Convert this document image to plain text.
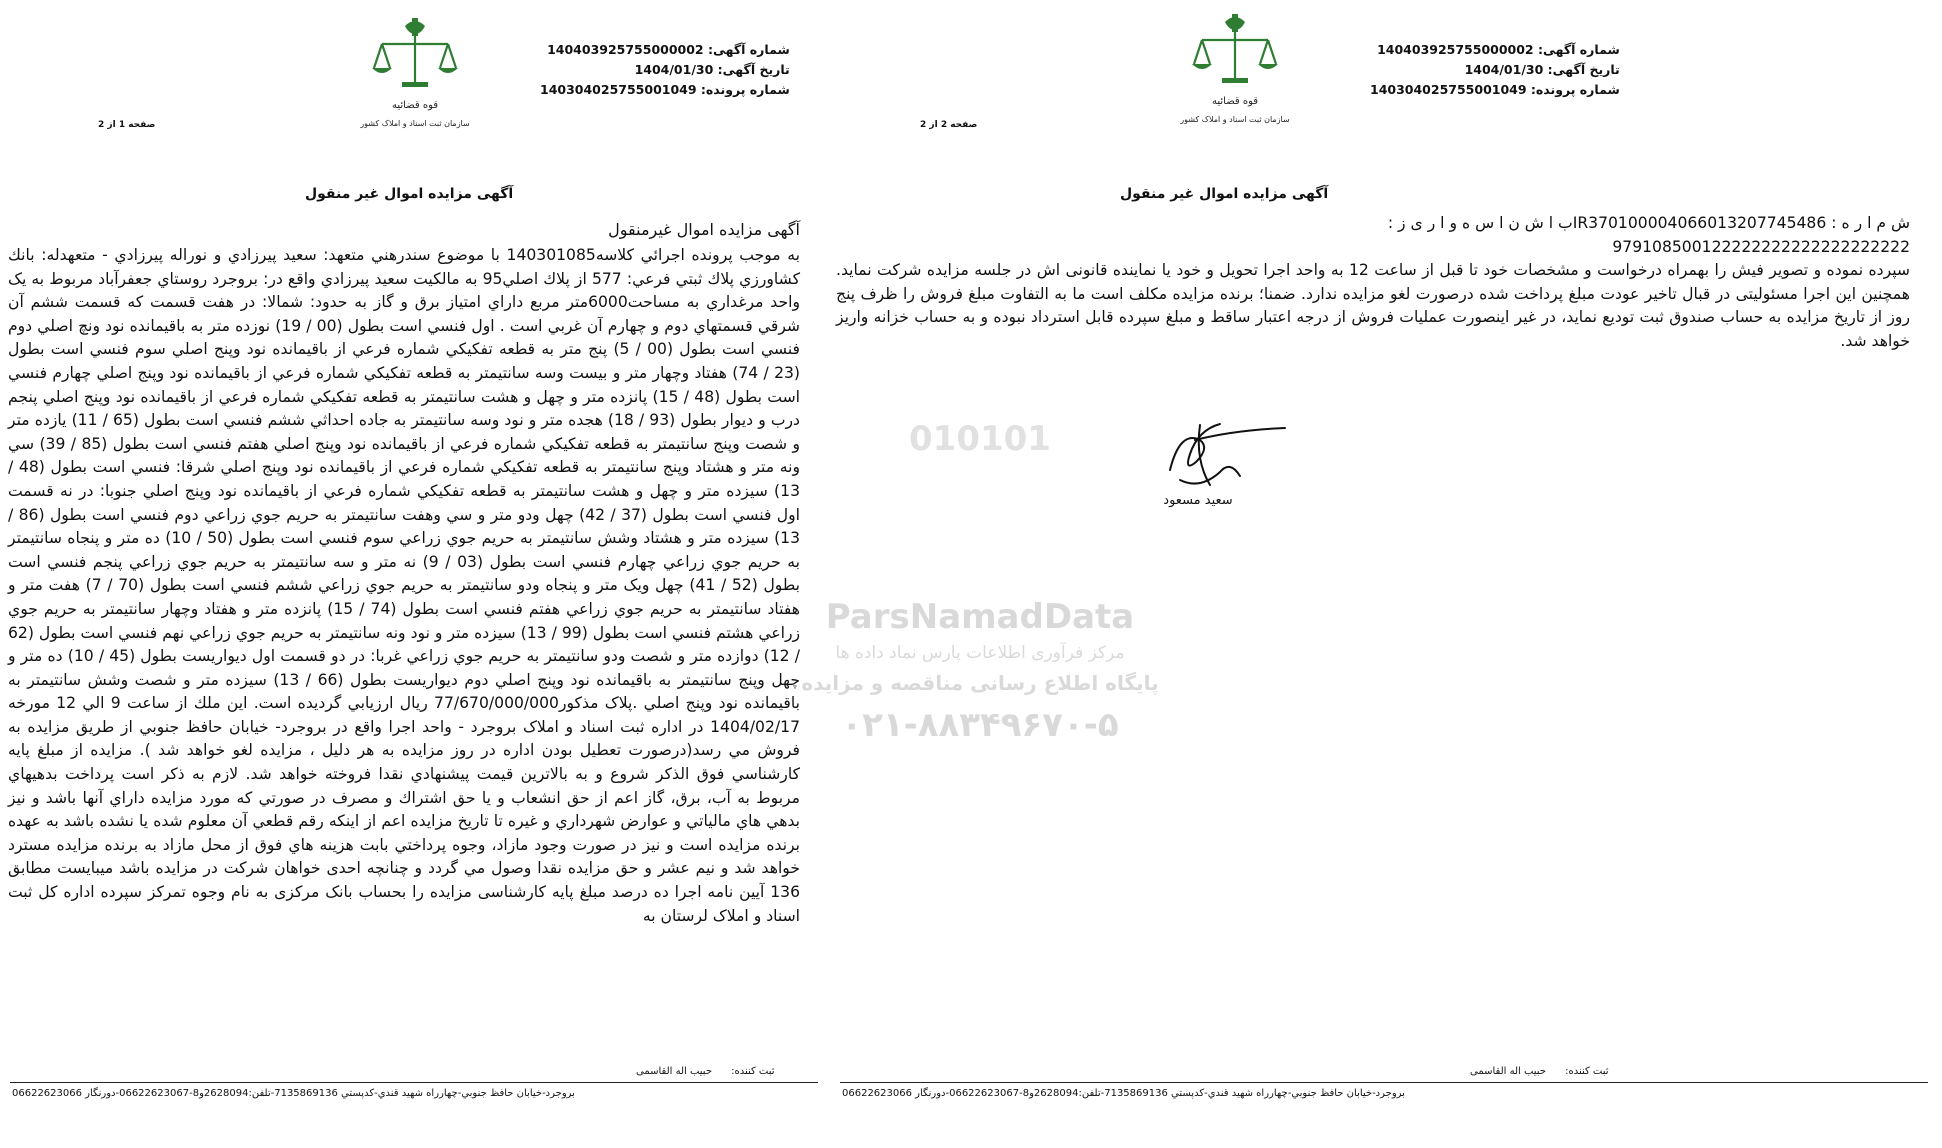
شماره آگهی: 140403925755000002
تاریخ آگهی: 1404/01/30
شماره پرونده: 140304025755001049
قوه قضائیه
سازمان ثبت اسناد و املاک کشور
صفحه 1 از 2
آگهی مزایده اموال غیر منقول
آگهی مزایده اموال غیرمنقول
به موجب پرونده اجرائي كلاسه140301085 با موضوع سندرهني متعهد: سعيد پيرزادي و نوراله پيرزادي - متعهدله: بانك كشاورزي پلاك ثبتي فرعي: 577 از پلاك اصلي95 به مالكيت سعيد پيرزادي واقع در: بروجرد روستاي جعفرآباد مربوط به يک واحد مرغداري به مساحت6000متر مربع داراي امتياز برق و گاز به حدود: شمالا: در هفت قسمت كه قسمت ششم آن شرقي قسمتهاي دوم و چهارم آن غربي است . اول فنسي است بطول (00 / 19) نوزده متر به باقيمانده نود ونچ اصلي دوم فنسي است بطول (00 / 5) پنج متر به قطعه تفكيكي شماره فرعي از باقيمانده نود وپنج اصلي سوم فنسي است بطول (23 / 74) هفتاد وچهار متر و بيست وسه سانتيمتر به قطعه تفكيكي شماره فرعي از باقيمانده نود وپنج اصلي چهارم فنسي است بطول (48 / 15) پانزده متر و چهل و هشت سانتيمتر به قطعه تفكيكي شماره فرعي از باقيمانده نود وپنج اصلي پنجم درب و ديوار بطول (93 / 18) هجده متر و نود وسه سانتيمتر به جاده احداثي ششم فنسي است بطول (65 / 11) يازده متر و شصت وپنج سانتيمتر به قطعه تفكيكي شماره فرعي از باقيمانده نود وپنج اصلي هفتم فنسي است بطول (85 / 39) سي ونه متر و هشتاد وپنج سانتيمتر به قطعه تفكيكي شماره فرعي از باقيمانده نود وپنج اصلي شرقا: فنسي است بطول (48 / 13) سيزده متر و چهل و هشت سانتيمتر به قطعه تفكيكي شماره فرعي از باقيمانده نود وپنج اصلي جنوبا: در نه قسمت اول فنسي است بطول (37 / 42) چهل ودو متر و سي وهفت سانتيمتر به حريم جوي زراعي دوم فنسي است بطول (86 / 13) سيزده متر و هشتاد وشش سانتيمتر به حريم جوي زراعي سوم فنسي است بطول (50 / 10) ده متر و پنجاه سانتيمتر به حريم جوي زراعي چهارم فنسي است بطول (03 / 9) نه متر و سه سانتيمتر به حريم جوي زراعي پنجم فنسي است بطول (52 / 41) چهل ويک متر و پنجاه ودو سانتيمتر به حريم جوي زراعي ششم فنسي است بطول (70 / 7) هفت متر و هفتاد سانتيمتر به حريم جوي زراعي هفتم فنسي است بطول (74 / 15) پانزده متر و هفتاد وچهار سانتيمتر به حريم جوي زراعي هشتم فنسي است بطول (99 / 13) سيزده متر و نود ونه سانتيمتر به حريم جوي زراعي نهم فنسي است بطول (62 / 12) دوازده متر و شصت ودو سانتيمتر به حريم جوي زراعي غربا: در دو قسمت اول ديواريست بطول (45 / 10) ده متر و چهل وپنج سانتيمتر به باقيمانده نود وپنج اصلي دوم ديواريست بطول (66 / 13) سيزده متر و شصت وشش سانتيمتر به باقيمانده نود وپنج اصلي .پلاک مذکور77/670/000/000 ريال ارزيابي گرديده است. اين ملك از ساعت 9 الي 12 مورخه 1404/02/17 در اداره ثبت اسناد و املاک بروجرد - واحد اجرا واقع در بروجرد- خيابان حافظ جنوبي از طريق مزايده به فروش مي رسد(درصورت تعطيل بودن اداره در روز مزايده به هر دليل ، مزايده لغو خواهد شد ). مزايده از مبلغ پايه كارشناسي فوق الذكر شروع و به بالاترين قيمت پيشنهادي نقدا فروخته خواهد شد. لازم به ذكر است پرداخت بدهيهاي مربوط به آب، برق، گاز اعم از حق انشعاب و يا حق اشتراك و مصرف در صورتي كه مورد مزايده داراي آنها باشد و نيز بدهي هاي مالياتي و عوارض شهرداري و غيره تا تاريخ مزايده اعم از اينكه رقم قطعي آن معلوم شده يا نشده باشد به عهده برنده مزايده است و نيز در صورت وجود مازاد، وجوه پرداختي بابت هزينه هاي فوق از محل مازاد به برنده مزايده مسترد خواهد شد و نيم عشر و حق مزايده نقدا وصول مي گردد و چنانچه احدی خواهان شرکت در مزايده باشد میبایست مطابق 136 آيين نامه اجرا ده درصد مبلغ پايه كارشناسی مزايده را بحساب بانک مرکزی به نام وجوه تمرکز سپرده اداره کل ثبت اسناد و املاک لرستان به
ثبت كننده:      حبیب اله القاسمی
بروجرد-خيابان حافظ جنوبي-چهارراه شهيد قندي-كدپستي 7135869136-تلفن:2628094و8-06622623067-دورنگار 06622623066
010101
ParsNamadData
مرکز فرآوری اطلاعات پارس نماد داده ها
پایگاه اطلاع رسانی مناقصه و مزایده
۰۲۱-۸۸۳۴۹۶۷۰-۵
شماره آگهی: 140403925755000002
تاریخ آگهی: 1404/01/30
شماره پرونده: 140304025755001049
قوه قضائیه
سازمان ثبت اسناد و املاک کشور
صفحه 2 از 2
آگهی مزایده اموال غیر منقول
ش م ا ر ه : IR370100004066013207745486ب ا ش ن ا س ه و ا ر ی ز :
979108500122222222222222222222
سپرده نموده و تصویر فیش را بهمراه درخواست و مشخصات خود تا قبل از ساعت 12 به واحد اجرا تحویل و خود یا نماینده قانونی اش در جلسه مزایده شرکت نماید. همچنین این اجرا مسئولیتی در قبال تاخیر عودت مبلغ پرداخت شده درصورت لغو مزایده ندارد. ضمنا؛ برنده مزایده مکلف است ما به التفاوت مبلغ فروش را ظرف پنج روز از تاریخ مزایده به حساب صندوق ثبت تودیع نماید، در غیر اینصورت عملیات فروش از درجه اعتبار ساقط و مبلغ سپرده قابل استرداد نبوده و به حساب خزانه واریز خواهد شد.
سعید مسعود
ثبت كننده:      حبیب اله القاسمی
بروجرد-خيابان حافظ جنوبي-چهارراه شهيد قندي-كدپستي 7135869136-تلفن:2628094و8-06622623067-دورنگار 06622623066
